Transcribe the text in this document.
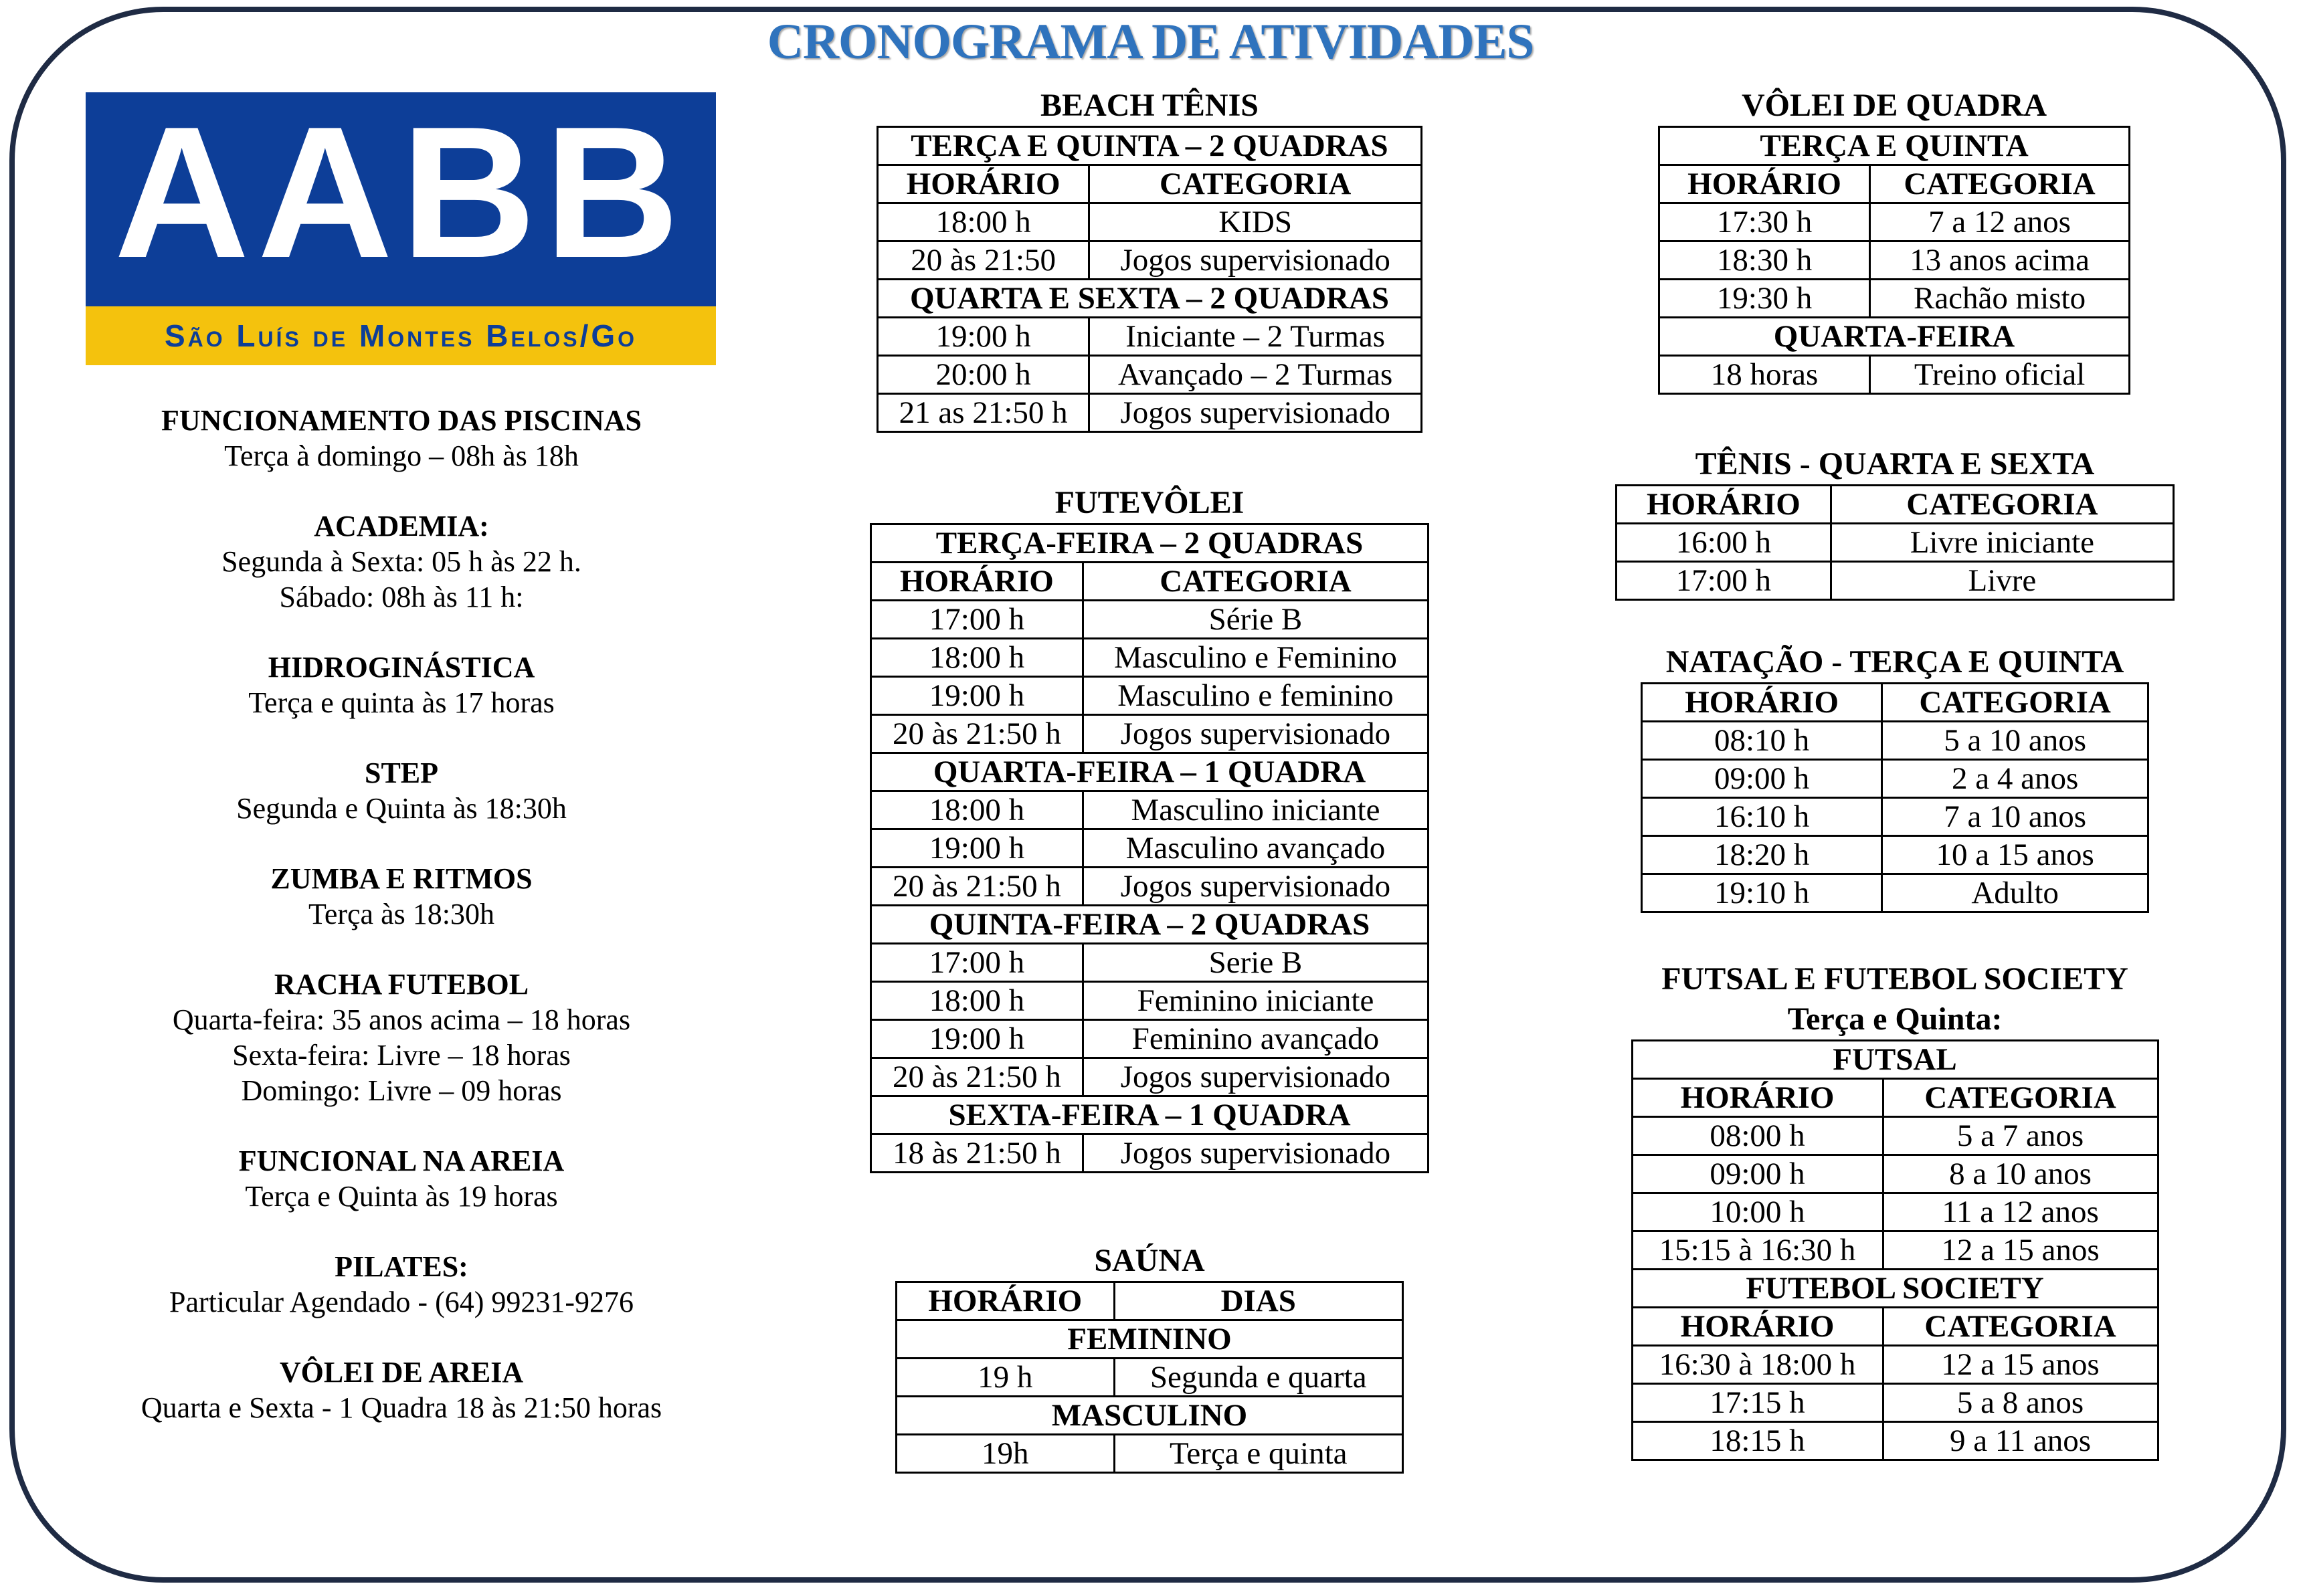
CRONOGRAMA DE ATIVIDADES
AABB
São Luís de Montes Belos/Go
FUNCIONAMENTO DAS PISCINAS
Terça à domingo – 08h às 18h
ACADEMIA:
Segunda à Sexta: 05 h às 22 h.
Sábado: 08h às 11 h:
HIDROGINÁSTICA
Terça e quinta às 17 horas
STEP
Segunda e Quinta às 18:30h
ZUMBA E RITMOS
Terça às 18:30h
RACHA FUTEBOL
Quarta-feira: 35 anos acima – 18 horas
Sexta-feira: Livre – 18 horas
Domingo: Livre – 09 horas
FUNCIONAL NA AREIA
Terça e Quinta às 19 horas
PILATES:
Particular Agendado - (64) 99231-9276
VÔLEI DE AREIA
Quarta e Sexta - 1 Quadra 18 às 21:50 horas
BEACH TÊNIS
TERÇA E QUINTA – 2 QUADRAS	
HORÁRIO	CATEGORIA
18:00 h	KIDS
20 às 21:50	Jogos supervisionado
QUARTA E SEXTA – 2 QUADRAS	
19:00 h	Iniciante – 2 Turmas
20:00 h	Avançado – 2 Turmas
21 as 21:50 h	Jogos supervisionado
FUTEVÔLEI
TERÇA-FEIRA – 2 QUADRAS	
HORÁRIO	CATEGORIA
17:00 h	Série B
18:00 h	Masculino e Feminino
19:00 h	Masculino e feminino
20 às 21:50 h	Jogos supervisionado
QUARTA-FEIRA – 1 QUADRA	
18:00 h	Masculino iniciante
19:00 h	Masculino avançado
20 às 21:50 h	Jogos supervisionado
QUINTA-FEIRA – 2 QUADRAS	
17:00 h	Serie B
18:00 h	Feminino iniciante
19:00 h	Feminino avançado
20 às 21:50 h	Jogos supervisionado
SEXTA-FEIRA – 1 QUADRA	
18 às 21:50 h	Jogos supervisionado
SAÚNA
HORÁRIO	DIAS
FEMININO	
19 h	Segunda e quarta
MASCULINO	
19h	Terça e quinta
VÔLEI DE QUADRA
TERÇA E QUINTA	
HORÁRIO	CATEGORIA
17:30 h	7 a 12 anos
18:30 h	13 anos acima
19:30 h	Rachão misto
QUARTA-FEIRA	
18 horas	Treino oficial
TÊNIS - QUARTA E SEXTA
HORÁRIO	CATEGORIA
16:00 h	Livre iniciante
17:00 h	Livre
NATAÇÃO - TERÇA E QUINTA
HORÁRIO	CATEGORIA
08:10 h	5 a 10 anos
09:00 h	2 a 4 anos
16:10 h	7 a 10 anos
18:20 h	10 a 15 anos
19:10 h	Adulto
FUTSAL E FUTEBOL SOCIETY
Terça e Quinta:
FUTSAL	
HORÁRIO	CATEGORIA
08:00 h	5 a 7 anos
09:00 h	8 a 10 anos
10:00 h	11 a 12 anos
15:15 à 16:30 h	12 a 15 anos
FUTEBOL SOCIETY	
HORÁRIO	CATEGORIA
16:30 à 18:00 h	12 a 15 anos
17:15 h	5 a 8 anos
18:15 h	9 a 11 anos
